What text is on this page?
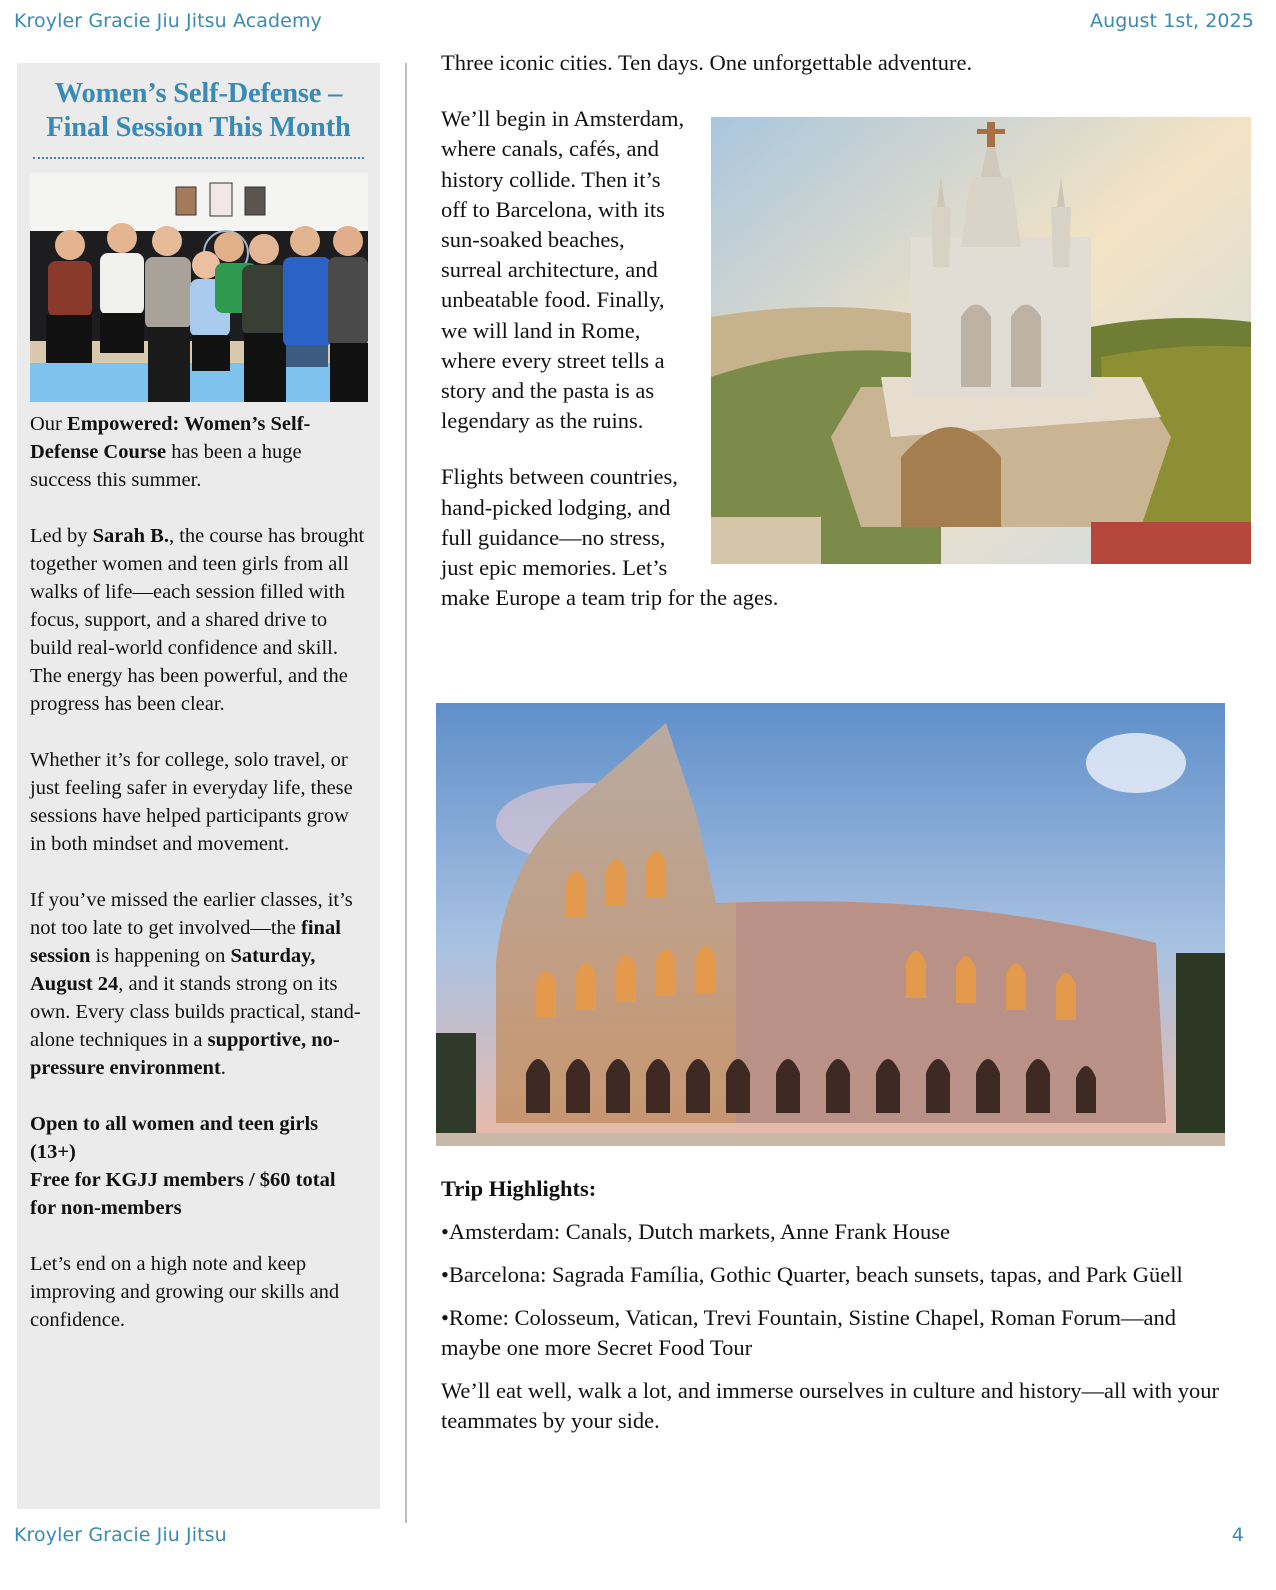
Kroyler Gracie Jiu Jitsu Academy	August 1st, 2025
Women’s Self-Defense – Final Session This Month

Our Empowered: Women’s Self-Defense Course has been a huge success this summer.

Led by Sarah B., the course has brought together women and teen girls from all walks of life—each session filled with focus, support, and a shared drive to build real-world confidence and skill. The energy has been powerful, and the progress has been clear.

Whether it’s for college, solo travel, or just feeling safer in everyday life, these sessions have helped participants grow in both mindset and movement.

If you’ve missed the earlier classes, it’s not too late to get involved—the final session is happening on Saturday, August 24, and it stands strong on its own. Every class builds practical, stand-alone techniques in a supportive, no-pressure environment.

Open to all women and teen girls (13+)
Free for KGJJ members / $60 total for non-members

Let’s end on a high note and keep improving and growing our skills and confidence.

Three iconic cities. Ten days. One unforgettable adventure.

We’ll begin in Amsterdam, where canals, cafés, and history collide. Then it’s off to Barcelona, with its sun-soaked beaches, surreal architecture, and unbeatable food. Finally, we will land in Rome, where every street tells a story and the pasta is as legendary as the ruins.

Flights between countries, hand-picked lodging, and full guidance—no stress, just epic memories. Let’s make Europe a team trip for the ages.

Trip Highlights:

•Amsterdam: Canals, Dutch markets, Anne Frank House

•Barcelona: Sagrada Família, Gothic Quarter, beach sunsets, tapas, and Park Güell

•Rome: Colosseum, Vatican, Trevi Fountain, Sistine Chapel, Roman Forum—and maybe one more Secret Food Tour

We’ll eat well, walk a lot, and immerse ourselves in culture and history—all with your teammates by your side.

Kroyler Gracie Jiu Jitsu	4
